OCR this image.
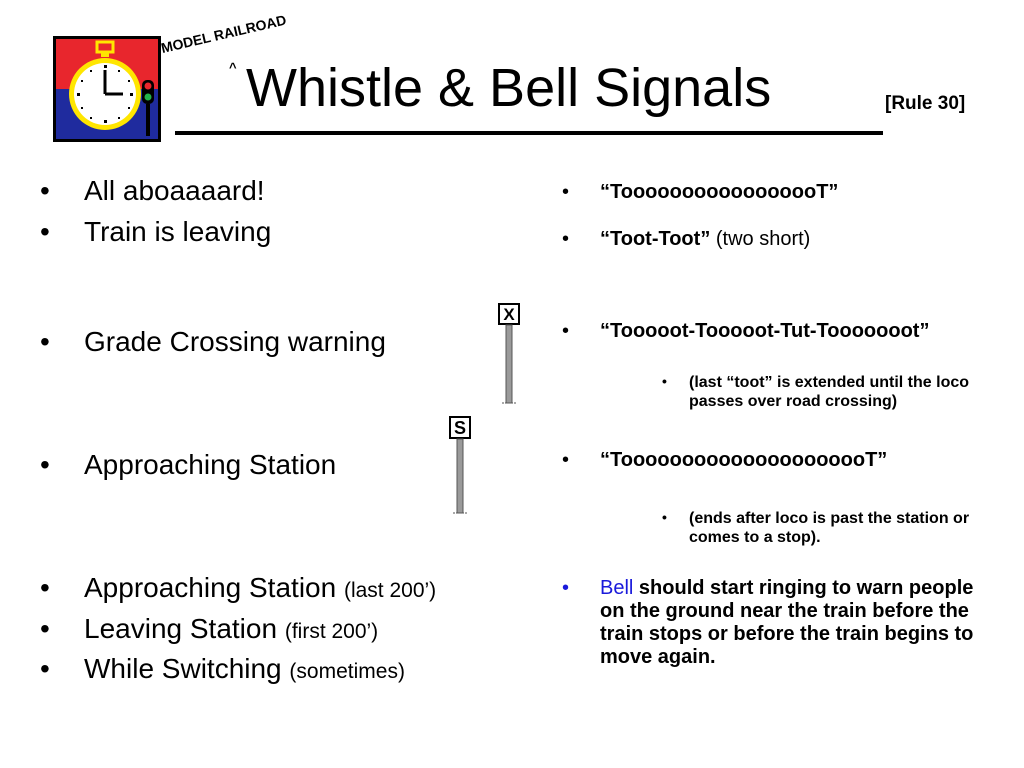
MODEL RAILROAD
^ Whistle & Bell Signals	[Rule 30]
• All aboaaaard!
• Train is leaving
• Grade Crossing warning
• Approaching Station
• Approaching Station (last 200’)
• Leaving Station (first 200’)
• While Switching (sometimes)
X
S
• “TooooooooooooooooT”
• “Toot-Toot” (two short)
• “Tooooot-Tooooot-Tut-Tooooooot”
• (last “toot” is extended until the loco passes over road crossing)
• “TooooooooooooooooooooT”
• (ends after loco is past the station or comes to a stop).
• Bell should start ringing to warn people on the ground near the train before the train stops or before the train begins to move again.
